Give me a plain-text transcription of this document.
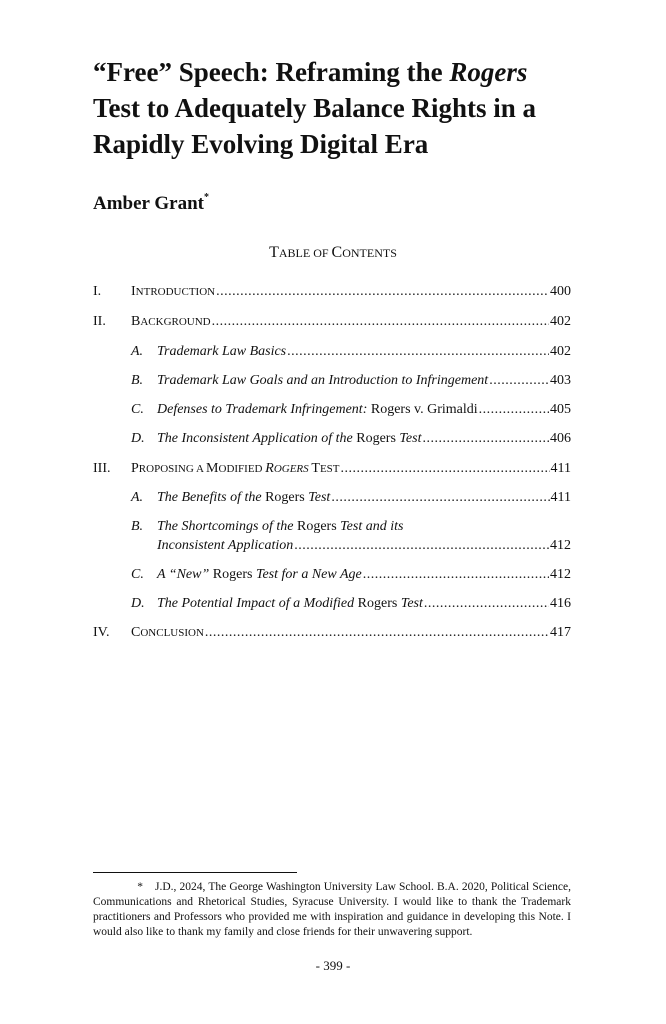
“Free” Speech: Reframing the Rogers
Test to Adequately Balance Rights in a
Rapidly Evolving Digital Era
Amber Grant*
TABLE OF CONTENTS
I.	INTRODUCTION .....	400
II.	BACKGROUND .....	402
A. Trademark Law Basics .....	402
B. Trademark Law Goals and an Introduction to Infringement .....	403
C. Defenses to Trademark Infringement: Rogers v. Grimaldi .....	405
D. The Inconsistent Application of the Rogers Test .....	406
III.	PROPOSING A MODIFIED ROGERS TEST .....	411
A. The Benefits of the Rogers Test .....	411
B. The Shortcomings of the Rogers Test and its
Inconsistent Application .....	412
C. A “New” Rogers Test for a New Age .....	412
D. The Potential Impact of a Modified Rogers Test .....	416
IV.	CONCLUSION .....	417
* J.D., 2024, The George Washington University Law School. B.A. 2020, Political Science, Communications and Rhetorical Studies, Syracuse University. I would like to thank the Trademark practitioners and Professors who provided me with inspiration and guidance in developing this Note. I would also like to thank my family and close friends for their unwavering support.
- 399 -
